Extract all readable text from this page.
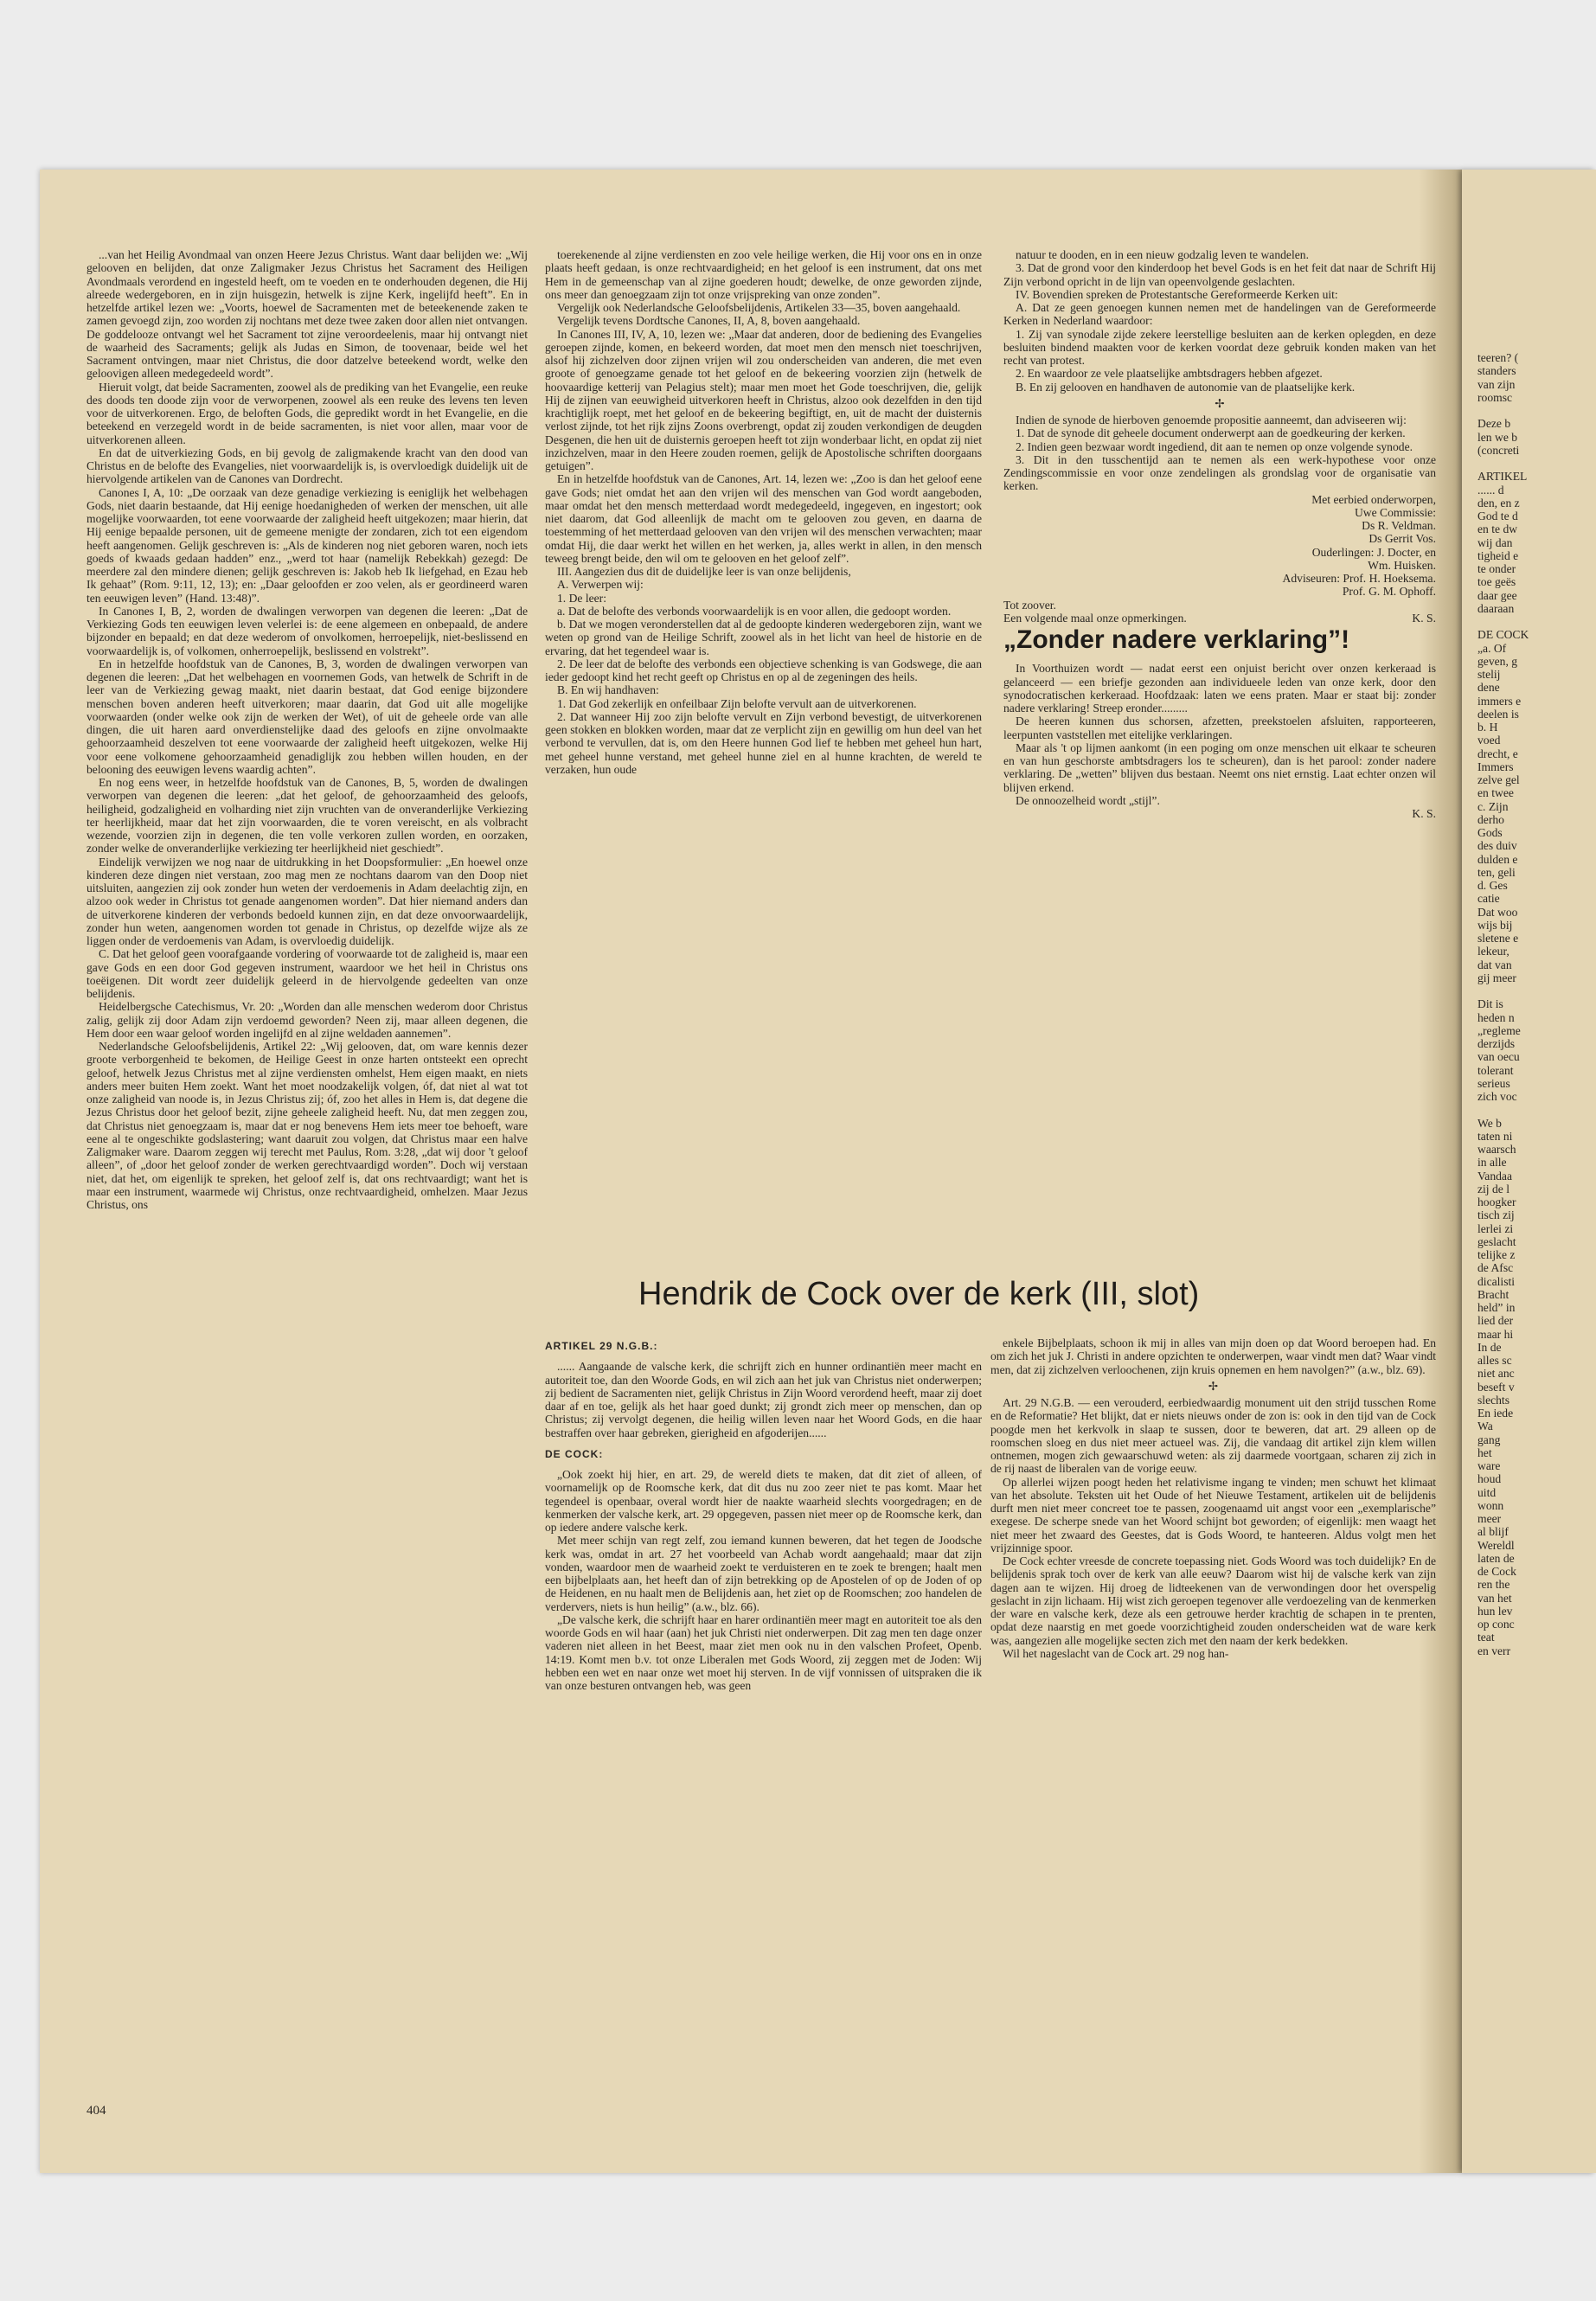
teeren? (
standers
van zijn
roomsc
Deze b
len we b
(concreti
ARTIKEL
...... d
den, en z
God te d
en te dw
wij dan
tigheid e
te onder
toe geës
daar gee
daaraan
DE COCK
„a. Of
geven, g
stelij
dene
immers e
deelen is
b. H
voed
drecht, e
Immers
zelve gel
en twee
c. Zijn
derho
Gods
des duiv
dulden e
ten, geli
d. Ges
catie
Dat woo
wijs bij
sletene e
lekeur,
dat van
gij meer
Dit is
heden n
„regleme
derzijds
van oecu
tolerant
serieus
zich voc
We b
taten ni
waarsch
in alle
Vandaa
zij de l
hoogker
tisch zij
lerlei zi
geslacht
telijke z
de Afsc
dicalisti
Bracht
held” in
lied der
maar hi
In de
alles sc
niet anc
beseft v
slechts
En iede
Wa
gang
het
ware
houd
uitd
wonn
meer
al blijf
Wereldl
laten de
de Cock
ren the
van het
hun lev
op conc
teat
en verr

...van het Heilig Avondmaal van onzen Heere Jezus Christus. Want daar belijden we: „Wij gelooven en belijden, dat onze Zaligmaker Jezus Christus het Sacrament des Heiligen Avondmaals verordend en ingesteld heeft, om te voeden en te onderhouden degenen, die Hij alreede wedergeboren, en in zijn huisgezin, hetwelk is zijne Kerk, ingelijfd heeft”. En in hetzelfde artikel lezen we: „Voorts, hoewel de Sacramenten met de beteekenende zaken te zamen gevoegd zijn, zoo worden zij nochtans met deze twee zaken door allen niet ontvangen. De goddelooze ontvangt wel het Sacrament tot zijne veroordeelenis, maar hij ontvangt niet de waarheid des Sacraments; gelijk als Judas en Simon, de toovenaar, beide wel het Sacrament ontvingen, maar niet Christus, die door datzelve beteekend wordt, welke den geloovigen alleen medegedeeld wordt”.

Hieruit volgt, dat beide Sacramenten, zoowel als de prediking van het Evangelie, een reuke des doods ten doode zijn voor de verworpenen, zoowel als een reuke des levens ten leven voor de uitverkorenen. Ergo, de beloften Gods, die gepredikt wordt in het Evangelie, en die beteekend en verzegeld wordt in de beide sacramenten, is niet voor allen, maar voor de uitverkorenen alleen.

En dat de uitverkiezing Gods, en bij gevolg de zaligmakende kracht van den dood van Christus en de belofte des Evangelies, niet voorwaardelijk is, is overvloedigk duidelijk uit de hiervolgende artikelen van de Canones van Dordrecht.

Canones I, A, 10: „De oorzaak van deze genadige verkiezing is eeniglijk het welbehagen Gods, niet daarin bestaande, dat Hij eenige hoedanigheden of werken der menschen, uit alle mogelijke voorwaarden, tot eene voorwaarde der zaligheid heeft uitgekozen; maar hierin, dat Hij eenige bepaalde personen, uit de gemeene menigte der zondaren, zich tot een eigendom heeft aangenomen. Gelijk geschreven is: „Als de kinderen nog niet geboren waren, noch iets goeds of kwaads gedaan hadden” enz., „werd tot haar (namelijk Rebekkah) gezegd: De meerdere zal den mindere dienen; gelijk geschreven is: Jakob heb Ik liefgehad, en Ezau heb Ik gehaat” (Rom. 9:11, 12, 13); en: „Daar geloofden er zoo velen, als er geordineerd waren ten eeuwigen leven” (Hand. 13:48)”.

In Canones I, B, 2, worden de dwalingen verworpen van degenen die leeren: „Dat de Verkiezing Gods ten eeuwigen leven velerlei is: de eene algemeen en onbepaald, de andere bijzonder en bepaald; en dat deze wederom of onvolkomen, herroepelijk, niet-beslissend en voorwaardelijk is, of volkomen, onherroepelijk, beslissend en volstrekt”.

En in hetzelfde hoofdstuk van de Canones, B, 3, worden de dwalingen verworpen van degenen die leeren: „Dat het welbehagen en voornemen Gods, van hetwelk de Schrift in de leer van de Verkiezing gewag maakt, niet daarin bestaat, dat God eenige bijzondere menschen boven anderen heeft uitverkoren; maar daarin, dat God uit alle mogelijke voorwaarden (onder welke ook zijn de werken der Wet), of uit de geheele orde van alle dingen, die uit haren aard onverdienstelijke daad des geloofs en zijne onvolmaakte gehoorzaamheid deszelven tot eene voorwaarde der zaligheid heeft uitgekozen, welke Hij voor eene volkomene gehoorzaamheid genadiglijk zou hebben willen houden, en der belooning des eeuwigen levens waardig achten”.

En nog eens weer, in hetzelfde hoofdstuk van de Canones, B, 5, worden de dwalingen verworpen van degenen die leeren: „dat het geloof, de gehoorzaamheid des geloofs, heiligheid, godzaligheid en volharding niet zijn vruchten van de onveranderlijke Verkiezing ter heerlijkheid, maar dat het zijn voorwaarden, die te voren vereischt, en als volbracht wezende, voorzien zijn in degenen, die ten volle verkoren zullen worden, en oorzaken, zonder welke de onveranderlijke verkiezing ter heerlijkheid niet geschiedt”.

Eindelijk verwijzen we nog naar de uitdrukking in het Doopsformulier: „En hoewel onze kinderen deze dingen niet verstaan, zoo mag men ze nochtans daarom van den Doop niet uitsluiten, aangezien zij ook zonder hun weten der verdoemenis in Adam deelachtig zijn, en alzoo ook weder in Christus tot genade aangenomen worden”. Dat hier niemand anders dan de uitverkorene kinderen der verbonds bedoeld kunnen zijn, en dat deze onvoorwaardelijk, zonder hun weten, aangenomen worden tot genade in Christus, op dezelfde wijze als ze liggen onder de verdoemenis van Adam, is overvloedig duidelijk.

C. Dat het geloof geen voorafgaande vordering of voorwaarde tot de zaligheid is, maar een gave Gods en een door God gegeven instrument, waardoor we het heil in Christus ons toeëigenen. Dit wordt zeer duidelijk geleerd in de hiervolgende gedeelten van onze belijdenis.

Heidelbergsche Catechismus, Vr. 20: „Worden dan alle menschen wederom door Christus zalig, gelijk zij door Adam zijn verdoemd geworden? Neen zij, maar alleen degenen, die Hem door een waar geloof worden ingelijfd en al zijne weldaden aannemen”.

Nederlandsche Geloofsbelijdenis, Artikel 22: „Wij gelooven, dat, om ware kennis dezer groote verborgenheid te bekomen, de Heilige Geest in onze harten ontsteekt een oprecht geloof, hetwelk Jezus Christus met al zijne verdiensten omhelst, Hem eigen maakt, en niets anders meer buiten Hem zoekt. Want het moet noodzakelijk volgen, óf, dat niet al wat tot onze zaligheid van noode is, in Jezus Christus zij; óf, zoo het alles in Hem is, dat degene die Jezus Christus door het geloof bezit, zijne geheele zaligheid heeft. Nu, dat men zeggen zou, dat Christus niet genoegzaam is, maar dat er nog benevens Hem iets meer toe behoeft, ware eene al te ongeschikte godslastering; want daaruit zou volgen, dat Christus maar een halve Zaligmaker ware. Daarom zeggen wij terecht met Paulus, Rom. 3:28, „dat wij door 't geloof alleen”, of „door het geloof zonder de werken gerechtvaardigd worden”. Doch wij verstaan niet, dat het, om eigenlijk te spreken, het geloof zelf is, dat ons rechtvaardigt; want het is maar een instrument, waarmede wij Christus, onze rechtvaardigheid, omhelzen. Maar Jezus Christus, ons

toerekenende al zijne verdiensten en zoo vele heilige werken, die Hij voor ons en in onze plaats heeft gedaan, is onze rechtvaardigheid; en het geloof is een instrument, dat ons met Hem in de gemeenschap van al zijne goederen houdt; dewelke, de onze geworden zijnde, ons meer dan genoegzaam zijn tot onze vrijspreking van onze zonden”.

Vergelijk ook Nederlandsche Geloofsbelijdenis, Artikelen 33—35, boven aangehaald.

Vergelijk tevens Dordtsche Canones, II, A, 8, boven aangehaald.

In Canones III, IV, A, 10, lezen we: „Maar dat anderen, door de bediening des Evangelies geroepen zijnde, komen, en bekeerd worden, dat moet men den mensch niet toeschrijven, alsof hij zichzelven door zijnen vrijen wil zou onderscheiden van anderen, die met even groote of genoegzame genade tot het geloof en de bekeering voorzien zijn (hetwelk de hoovaardige ketterij van Pelagius stelt); maar men moet het Gode toeschrijven, die, gelijk Hij de zijnen van eeuwigheid uitverkoren heeft in Christus, alzoo ook dezelfden in den tijd krachtiglijk roept, met het geloof en de bekeering begiftigt, en, uit de macht der duisternis verlost zijnde, tot het rijk zijns Zoons overbrengt, opdat zij zouden verkondigen de deugden Desgenen, die hen uit de duisternis geroepen heeft tot zijn wonderbaar licht, en opdat zij niet inzichzelven, maar in den Heere zouden roemen, gelijk de Apostolische schriften doorgaans getuigen”.

En in hetzelfde hoofdstuk van de Canones, Art. 14, lezen we: „Zoo is dan het geloof eene gave Gods; niet omdat het aan den vrijen wil des menschen van God wordt aangeboden, maar omdat het den mensch metterdaad wordt medegedeeld, ingegeven, en ingestort; ook niet daarom, dat God alleenlijk de macht om te gelooven zou geven, en daarna de toestemming of het metterdaad gelooven van den vrijen wil des menschen verwachten; maar omdat Hij, die daar werkt het willen en het werken, ja, alles werkt in allen, in den mensch teweeg brengt beide, den wil om te gelooven en het geloof zelf”.

III. Aangezien dus dit de duidelijke leer is van onze belijdenis,

A. Verwerpen wij:

1. De leer:

a. Dat de belofte des verbonds voorwaardelijk is en voor allen, die gedoopt worden.

b. Dat we mogen veronderstellen dat al de gedoopte kinderen wedergeboren zijn, want we weten op grond van de Heilige Schrift, zoowel als in het licht van heel de historie en de ervaring, dat het tegendeel waar is.

2. De leer dat de belofte des verbonds een objectieve schenking is van Godswege, die aan ieder gedoopt kind het recht geeft op Christus en op al de zegeningen des heils.

B. En wij handhaven:

1. Dat God zekerlijk en onfeilbaar Zijn belofte vervult aan de uitverkorenen.

2. Dat wanneer Hij zoo zijn belofte vervult en Zijn verbond bevestigt, de uitverkorenen geen stokken en blokken worden, maar dat ze verplicht zijn en gewillig om hun deel van het verbond te vervullen, dat is, om den Heere hunnen God lief te hebben met geheel hun hart, met geheel hunne verstand, met geheel hunne ziel en al hunne krachten, de wereld te verzaken, hun oude

natuur te dooden, en in een nieuw godzalig leven te wandelen.

3. Dat de grond voor den kinderdoop het bevel Gods is en het feit dat naar de Schrift Hij Zijn verbond opricht in de lijn van opeenvolgende geslachten.

IV. Bovendien spreken de Protestantsche Gereformeerde Kerken uit:

A. Dat ze geen genoegen kunnen nemen met de handelingen van de Gereformeerde Kerken in Nederland waardoor:

1. Zij van synodale zijde zekere leerstellige besluiten aan de kerken oplegden, en deze besluiten bindend maakten voor de kerken voordat deze gebruik konden maken van het recht van protest.

2. En waardoor ze vele plaatselijke ambtsdragers hebben afgezet.

B. En zij gelooven en handhaven de autonomie van de plaatselijke kerk.

✢

Indien de synode de hierboven genoemde propositie aanneemt, dan adviseeren wij:

1. Dat de synode dit geheele document onderwerpt aan de goedkeuring der kerken.

2. Indien geen bezwaar wordt ingediend, dit aan te nemen op onze volgende synode.

3. Dit in den tusschentijd aan te nemen als een werk-hypothese voor onze Zendingscommissie en voor onze zendelingen als grondslag voor de organisatie van kerken.

Met eerbied onderworpen,

Uwe Commissie:

Ds R. Veldman.

Ds Gerrit Vos.

Ouderlingen: J. Docter, en

Wm. Huisken.

Adviseuren: Prof. H. Hoeksema.

Prof. G. M. Ophoff.

Tot zoover.

Een volgende maal onze opmerkingen.	K. S.

„Zonder nadere verklaring”!

In Voorthuizen wordt — nadat eerst een onjuist bericht over onzen kerkeraad is gelanceerd — een briefje gezonden aan individueele leden van onze kerk, door den synodocratischen kerkeraad. Hoofdzaak: laten we eens praten. Maar er staat bij: zonder nadere verklaring! Streep eronder.........

De heeren kunnen dus schorsen, afzetten, preekstoelen afsluiten, rapporteeren, leerpunten vaststellen met eitelijke verklaringen.

Maar als 't op lijmen aankomt (in een poging om onze menschen uit elkaar te scheuren en van hun geschorste ambtsdragers los te scheuren), dan is het parool: zonder nadere verklaring. De „wetten” blijven dus bestaan. Neemt ons niet ernstig. Laat echter onzen wil blijven erkend.

De onnoozelheid wordt „stijl”.

K. S.

Hendrik de Cock over de kerk (III, slot)
ARTIKEL 29 N.G.B.:

...... Aangaande de valsche kerk, die schrijft zich en hunner ordinantiën meer macht en autoriteit toe, dan den Woorde Gods, en wil zich aan het juk van Christus niet onderwerpen; zij bedient de Sacramenten niet, gelijk Christus in Zijn Woord verordend heeft, maar zij doet daar af en toe, gelijk als het haar goed dunkt; zij grondt zich meer op menschen, dan op Christus; zij vervolgt degenen, die heilig willen leven naar het Woord Gods, en die haar bestraffen over haar gebreken, gierigheid en afgoderijen......

DE COCK:

„Ook zoekt hij hier, en art. 29, de wereld diets te maken, dat dit ziet of alleen, of voornamelijk op de Roomsche kerk, dat dit dus nu zoo zeer niet te pas komt. Maar het tegendeel is openbaar, overal wordt hier de naakte waarheid slechts voorgedragen; en de kenmerken der valsche kerk, art. 29 opgegeven, passen niet meer op de Roomsche kerk, dan op iedere andere valsche kerk.

Met meer schijn van regt zelf, zou iemand kunnen beweren, dat het tegen de Joodsche kerk was, omdat in art. 27 het voorbeeld van Achab wordt aangehaald; maar dat zijn vonden, waardoor men de waarheid zoekt te verduisteren en te zoek te brengen; haalt men een bijbelplaats aan, het heeft dan of zijn betrekking op de Apostelen of op de Joden of op de Heidenen, en nu haalt men de Belijdenis aan, het ziet op de Roomschen; zoo handelen de verdervers, niets is hun heilig” (a.w., blz. 66).

„De valsche kerk, die schrijft haar en harer ordinantiën meer magt en autoriteit toe als den woorde Gods en wil haar (aan) het juk Christi niet onderwerpen. Dit zag men ten dage onzer vaderen niet alleen in het Beest, maar ziet men ook nu in den valschen Profeet, Openb. 14:19. Komt men b.v. tot onze Liberalen met Gods Woord, zij zeggen met de Joden: Wij hebben een wet en naar onze wet moet hij sterven. In de vijf vonnissen of uitspraken die ik van onze besturen ontvangen heb, was geen

enkele Bijbelplaats, schoon ik mij in alles van mijn doen op dat Woord beroepen had. En om zich het juk J. Christi in andere opzichten te onderwerpen, waar vindt men dat? Waar vindt men, dat zij zichzelven verloochenen, zijn kruis opnemen en hem navolgen?” (a.w., blz. 69).

✢

Art. 29 N.G.B. — een verouderd, eerbiedwaardig monument uit den strijd tusschen Rome en de Reformatie? Het blijkt, dat er niets nieuws onder de zon is: ook in den tijd van de Cock poogde men het kerkvolk in slaap te sussen, door te beweren, dat art. 29 alleen op de roomschen sloeg en dus niet meer actueel was. Zij, die vandaag dit artikel zijn klem willen ontnemen, mogen zich gewaarschuwd weten: als zij daarmede voortgaan, scharen zij zich in de rij naast de liberalen van de vorige eeuw.

Op allerlei wijzen poogt heden het relativisme ingang te vinden; men schuwt het klimaat van het absolute. Teksten uit het Oude of het Nieuwe Testament, artikelen uit de belijdenis durft men niet meer concreet toe te passen, zoogenaamd uit angst voor een „exemplarische” exegese. De scherpe snede van het Woord schijnt bot geworden; of eigenlijk: men waagt het niet meer het zwaard des Geestes, dat is Gods Woord, te hanteeren. Aldus volgt men het vrijzinnige spoor.

De Cock echter vreesde de concrete toepassing niet. Gods Woord was toch duidelijk? En de belijdenis sprak toch over de kerk van alle eeuw? Daarom wist hij de valsche kerk van zijn dagen aan te wijzen. Hij droeg de lidteekenen van de verwondingen door het overspelig geslacht in zijn lichaam. Hij wist zich geroepen tegenover alle verdoezeling van de kenmerken der ware en valsche kerk, deze als een getrouwe herder krachtig de schapen in te prenten, opdat deze naarstig en met goede voorzichtigheid zouden onderscheiden wat de ware kerk was, aangezien alle mogelijke secten zich met den naam der kerk bedekken.

Wil het nageslacht van de Cock art. 29 nog han-

404
